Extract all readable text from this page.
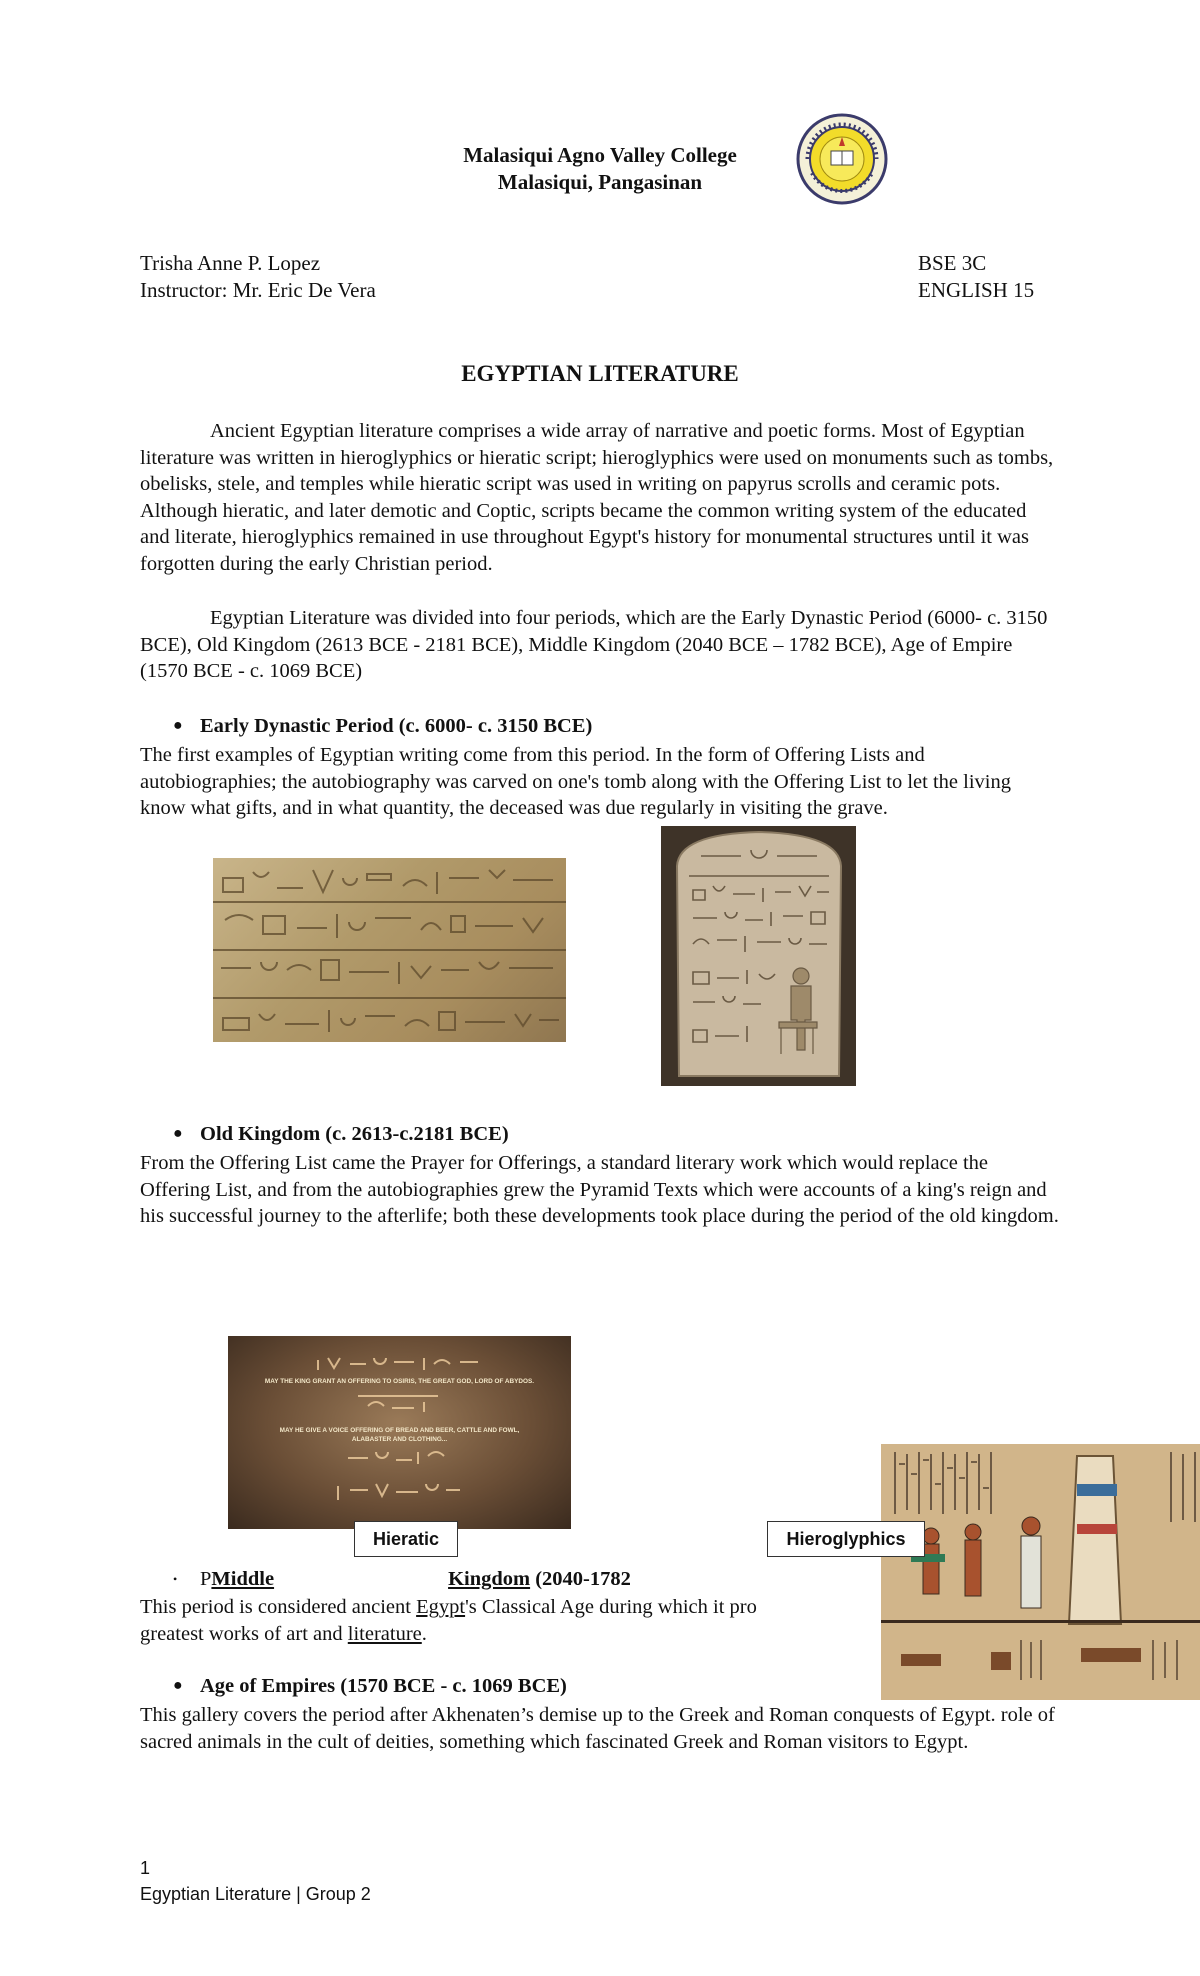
Malasiqui Agno Valley College
Malasiqui, Pangasinan
Trisha Anne P. Lopez
Instructor: Mr. Eric De Vera
BSE 3C
ENGLISH 15
EGYPTIAN LITERATURE
Ancient Egyptian literature comprises a wide array of narrative and poetic forms. Most of Egyptian literature was written in hieroglyphics or hieratic script; hieroglyphics were used on monuments such as tombs, obelisks, stele, and temples while hieratic script was used in writing on papyrus scrolls and ceramic pots. Although hieratic, and later demotic and Coptic, scripts became the common writing system of the educated and literate, hieroglyphics remained in use throughout Egypt's history for monumental structures until it was forgotten during the early Christian period.
Egyptian Literature was divided into four periods, which are the Early Dynastic Period (6000- c. 3150 BCE), Old Kingdom (2613 BCE - 2181 BCE), Middle Kingdom (2040 BCE – 1782 BCE), Age of Empire (1570 BCE - c. 1069 BCE)
● Early Dynastic Period (c. 6000- c. 3150 BCE)
The first examples of Egyptian writing come from this period. In the form of Offering Lists and autobiographies; the autobiography was carved on one's tomb along with the Offering List to let the living know what gifts, and in what quantity, the deceased was due regularly in visiting the grave.
● Old Kingdom (c. 2613-c.2181 BCE)
From the Offering List came the Prayer for Offerings, a standard literary work which would replace the Offering List, and from the autobiographies grew the Pyramid Texts which were accounts of a king's reign and his successful journey to the afterlife; both these developments took place during the period of the old kingdom.
MAY THE KING GRANT AN OFFERING TO OSIRIS, THE GREAT GOD, LORD OF ABYDOS.
MAY HE GIVE A VOICE OFFERING OF BREAD AND BEER, CATTLE AND FOWL, ALABASTER AND CLOTHING...
Hieratic	Hieroglyphics
• PMiddle	Kingdom (2040-1782
This period is considered ancient Egypt's Classical Age during which it pro
greatest works of art and literature.
● Age of Empires (1570 BCE - c. 1069 BCE)
This gallery covers the period after Akhenaten’s demise up to the Greek and Roman conquests of Egypt. role of sacred animals in the cult of deities, something which fascinated Greek and Roman visitors to Egypt.
1
Egyptian Literature | Group 2
